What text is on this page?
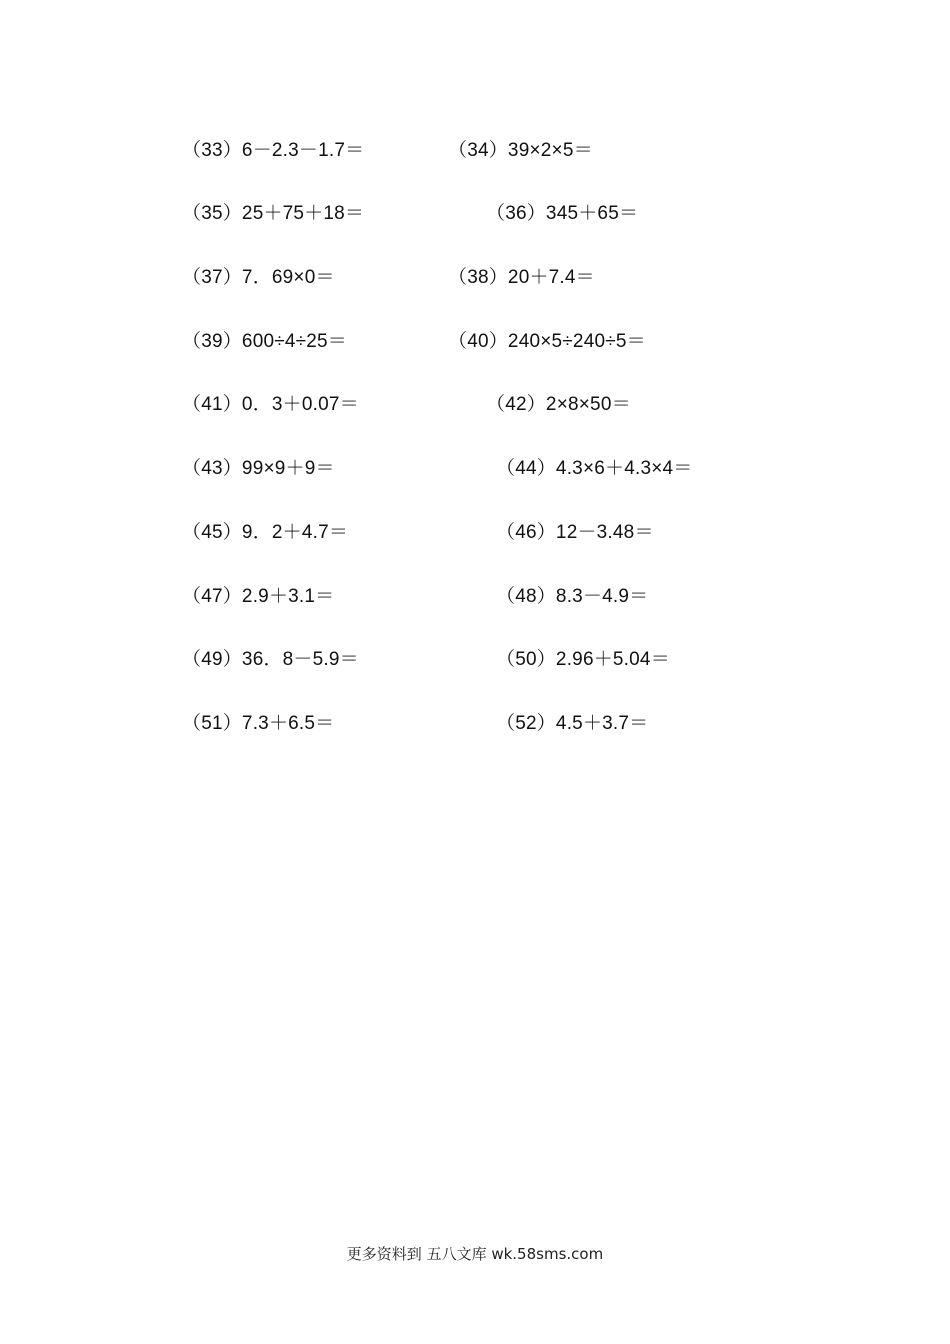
（33）6－2.3－1.7＝	（34）39×2×5＝
（35）25＋75＋18＝	（36）345＋65＝
（37）7．69×0＝	（38）20＋7.4＝
（39）600÷4÷25＝	（40）240×5÷240÷5＝
（41）0．3＋0.07＝	（42）2×8×50＝
（43）99×9＋9＝	（44）4.3×6＋4.3×4＝
（45）9．2＋4.7＝	（46）12－3.48＝
（47）2.9＋3.1＝	（48）8.3－4.9＝
（49）36．8－5.9＝	（50）2.96＋5.04＝
（51）7.3＋6.5＝	（52）4.5＋3.7＝
更多资料到 五八文库 wk.58sms.com
